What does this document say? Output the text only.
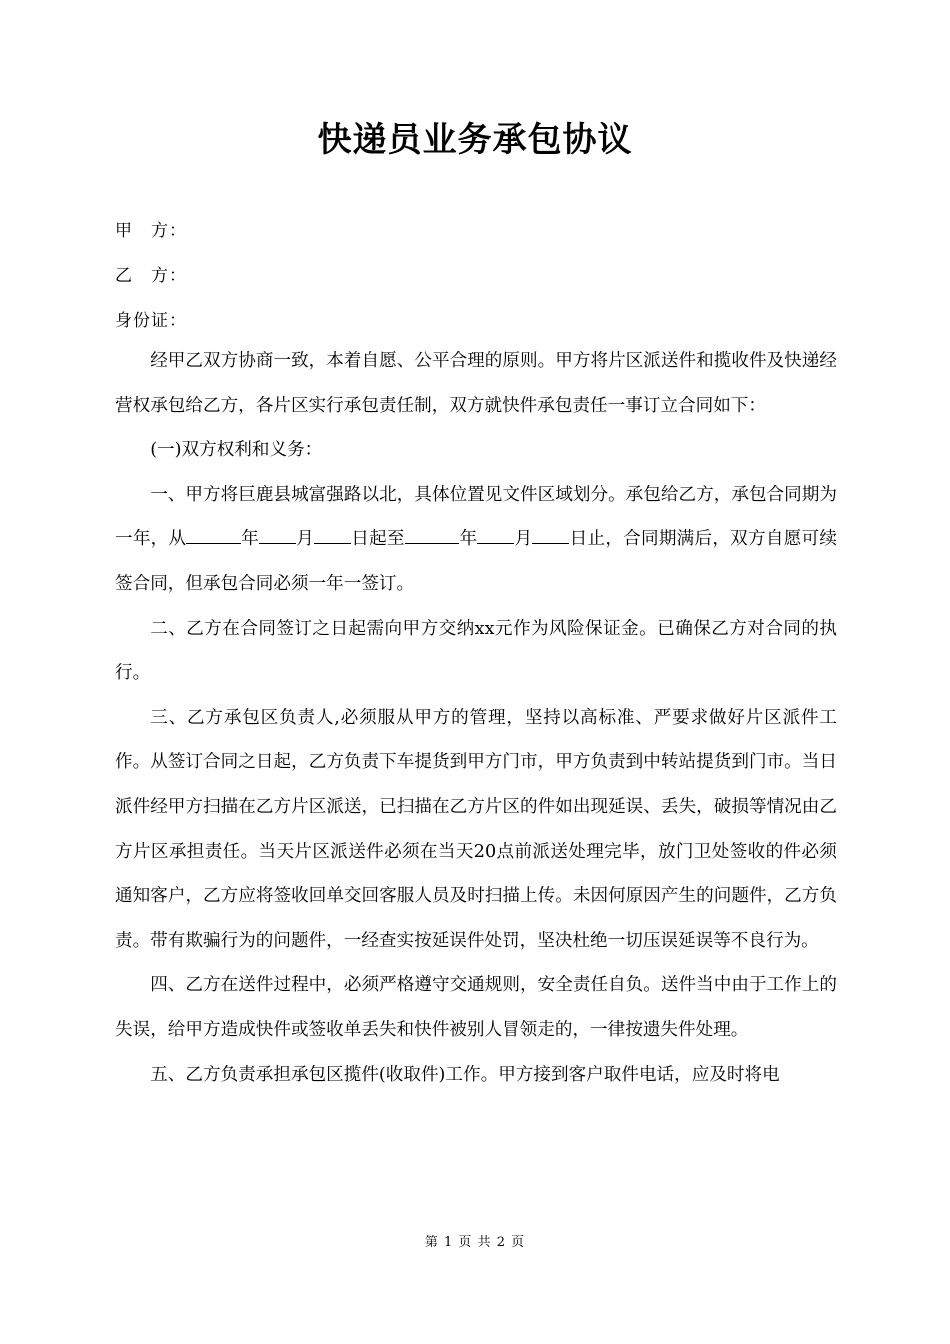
快递员业务承包协议
甲　方：
乙　方：
身份证：

经甲乙双方协商一致，本着自愿、公平合理的原则。甲方将片区派送件和揽收件及快递经营权承包给乙方，各片区实行承包责任制，双方就快件承包责任一事订立合同如下：

(一)双方权利和义务：

一、甲方将巨鹿县城富强路以北，具体位置见文件区域划分。承包给乙方，承包合同期为一年，从	年 月 日起至	年 月 日止，合同期满后，双方自愿可续签合同，但承包合同必须一年一签订。

二、乙方在合同签订之日起需向甲方交纳xx元作为风险保证金。已确保乙方对合同的执行。

三、乙方承包区负责人,必须服从甲方的管理，坚持以高标准、严要求做好片区派件工作。从签订合同之日起，乙方负责下车提货到甲方门市，甲方负责到中转站提货到门市。当日派件经甲方扫描在乙方片区派送，已扫描在乙方片区的件如出现延误、丢失，破损等情况由乙方片区承担责任。当天片区派送件必须在当天20点前派送处理完毕，放门卫处签收的件必须通知客户，乙方应将签收回单交回客服人员及时扫描上传。未因何原因产生的问题件，乙方负责。带有欺骗行为的问题件，一经查实按延误件处罚，坚决杜绝一切压误延误等不良行为。

四、乙方在送件过程中，必须严格遵守交通规则，安全责任自负。送件当中由于工作上的失误，给甲方造成快件或签收单丢失和快件被别人冒领走的，一律按遗失件处理。

五、乙方负责承担承包区揽件(收取件)工作。甲方接到客户取件电话，应及时将电

第 1 页 共 2 页
